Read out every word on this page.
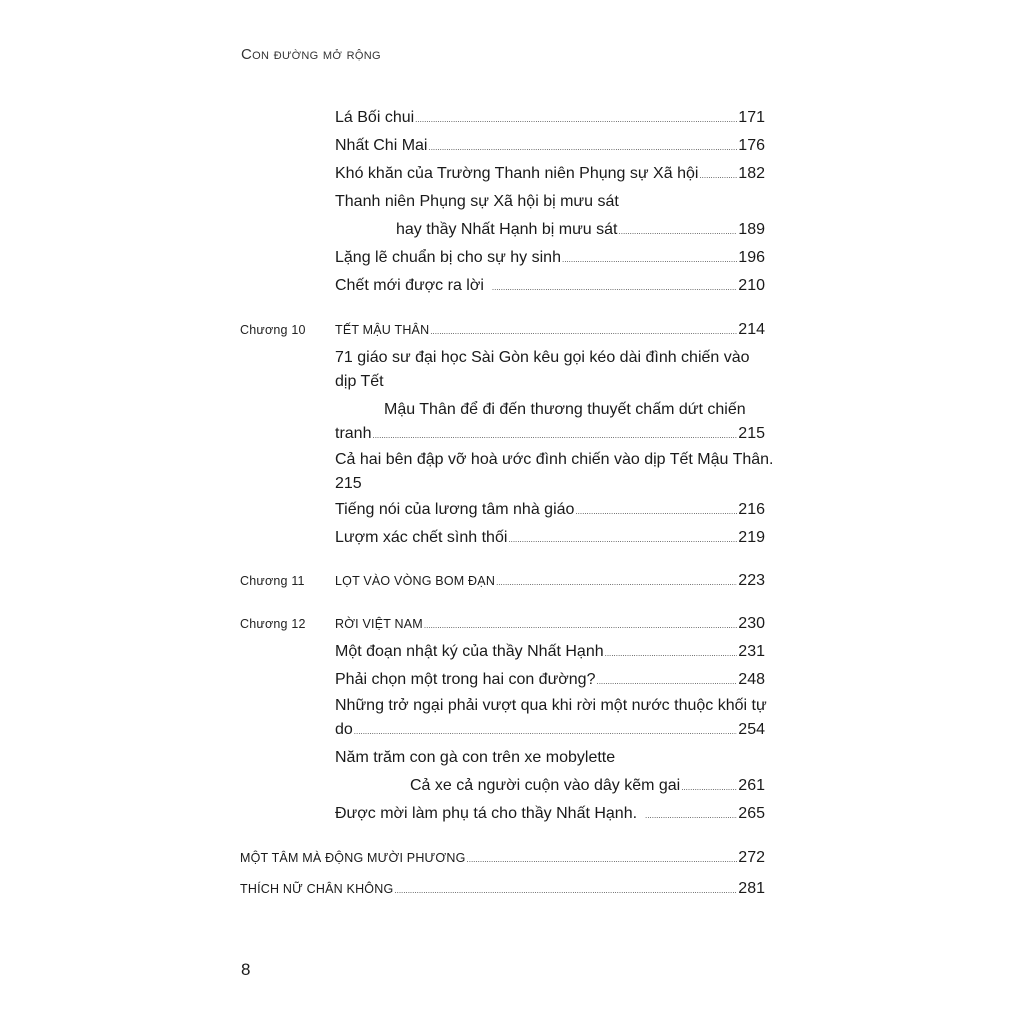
Con đường mở rộng
Lá Bối chui .....	171
Nhất Chi Mai .....	176
Khó khăn của Trường Thanh niên Phụng sự Xã hội ..... 182
Thanh niên Phụng sự Xã hội bị mưu sát
hay thầy Nhất Hạnh bị mưu sát .....	189
Lặng lẽ chuẩn bị cho sự hy sinh .....	196
Chết mới được ra lời .....	210
Chương 10 TẾT MẬU THÂN .....	214
71 giáo sư đại học Sài Gòn kêu gọi kéo dài đình chiến vào
dịp Tết
Mậu Thân để đi đến thương thuyết chấm dứt chiến
tranh .....	215
Cả hai bên đập vỡ hoà ước đình chiến vào dịp Tết Mậu Thân.
215
Tiếng nói của lương tâm nhà giáo .....	216
Lượm xác chết sình thối .....	219
Chương 11 LỌT VÀO VÒNG BOM ĐẠN .....	223
Chương 12 RỜI VIỆT NAM .....	230
Một đoạn nhật ký của thầy Nhất Hạnh .....	231
Phải chọn một trong hai con đường? .....	248
Những trở ngại phải vượt qua khi rời một nước thuộc khối tự
do .....	254
Năm trăm con gà con trên xe mobylette
Cả xe cả người cuộn vào dây kẽm gai .....	261
Được mời làm phụ tá cho thầy Nhất Hạnh. .....	265
MỘT TÂM MÀ ĐỘNG MƯỜI PHƯƠNG .....	272
THÍCH NỮ CHÂN KHÔNG .....	281
8
